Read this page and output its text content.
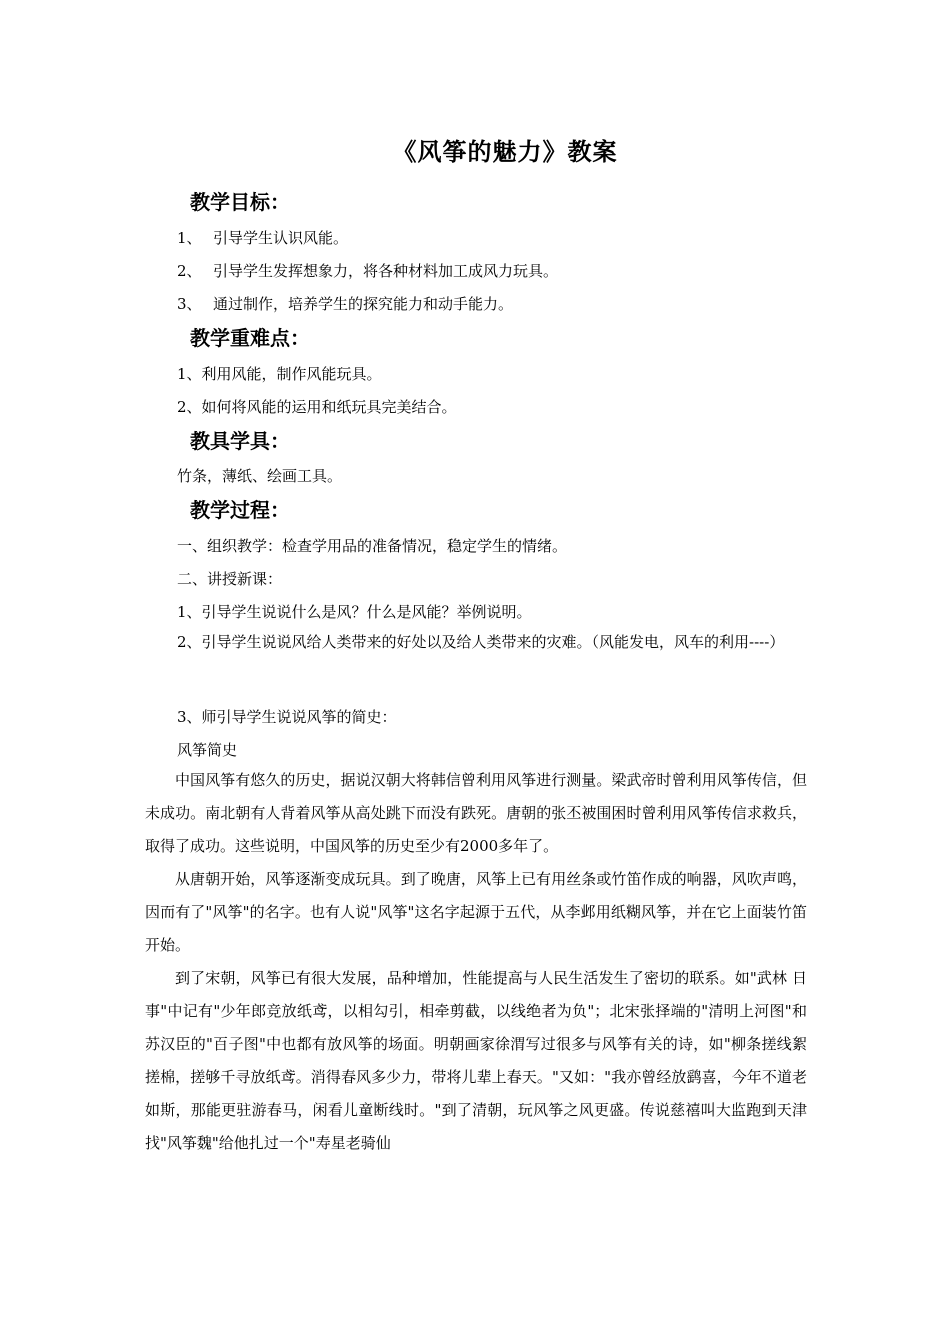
《风筝的魅力》教案
教学目标：
1、 引导学生认识风能。
2、 引导学生发挥想象力，将各种材料加工成风力玩具。
3、 通过制作，培养学生的探究能力和动手能力。
教学重难点：
1、利用风能，制作风能玩具。
2、如何将风能的运用和纸玩具完美结合。
教具学具：
竹条，薄纸、绘画工具。
教学过程：
一、组织教学：检查学用品的准备情况，稳定学生的情绪。
二、讲授新课：
1、引导学生说说什么是风？什么是风能？举例说明。
2、引导学生说说风给人类带来的好处以及给人类带来的灾难。（风能发电，风车的利用----）
3、师引导学生说说风筝的简史：
风筝简史
中国风筝有悠久的历史，据说汉朝大将韩信曾利用风筝进行测量。梁武帝时曾利用风筝传信，但未成功。南北朝有人背着风筝从高处跳下而没有跌死。唐朝的张丕被围困时曾利用风筝传信求救兵，取得了成功。这些说明，中国风筝的历史至少有2000多年了。
从唐朝开始，风筝逐渐变成玩具。到了晚唐，风筝上已有用丝条或竹笛作成的响器，风吹声鸣，因而有了"风筝"的名字。也有人说"风筝"这名字起源于五代，从李邺用纸糊风筝，并在它上面装竹笛开始。
到了宋朝，风筝已有很大发展，品种增加，性能提高与人民生活发生了密切的联系。如"武林 日事"中记有"少年郎竞放纸鸢，以相勾引，相牵剪截，以线绝者为负"；北宋张择端的"清明上河图"和苏汉臣的"百子图"中也都有放风筝的场面。明朝画家徐渭写过很多与风筝有关的诗，如"柳条搓线絮搓棉，搓够千寻放纸鸢。消得春风多少力，带将儿辈上春天。"又如："我亦曾经放鹞喜，今年不道老如斯，那能更驻游春马，闲看儿童断线时。"到了清朝，玩风筝之风更盛。传说慈禧叫大监跑到天津找"风筝魏"给他扎过一个"寿星老骑仙
